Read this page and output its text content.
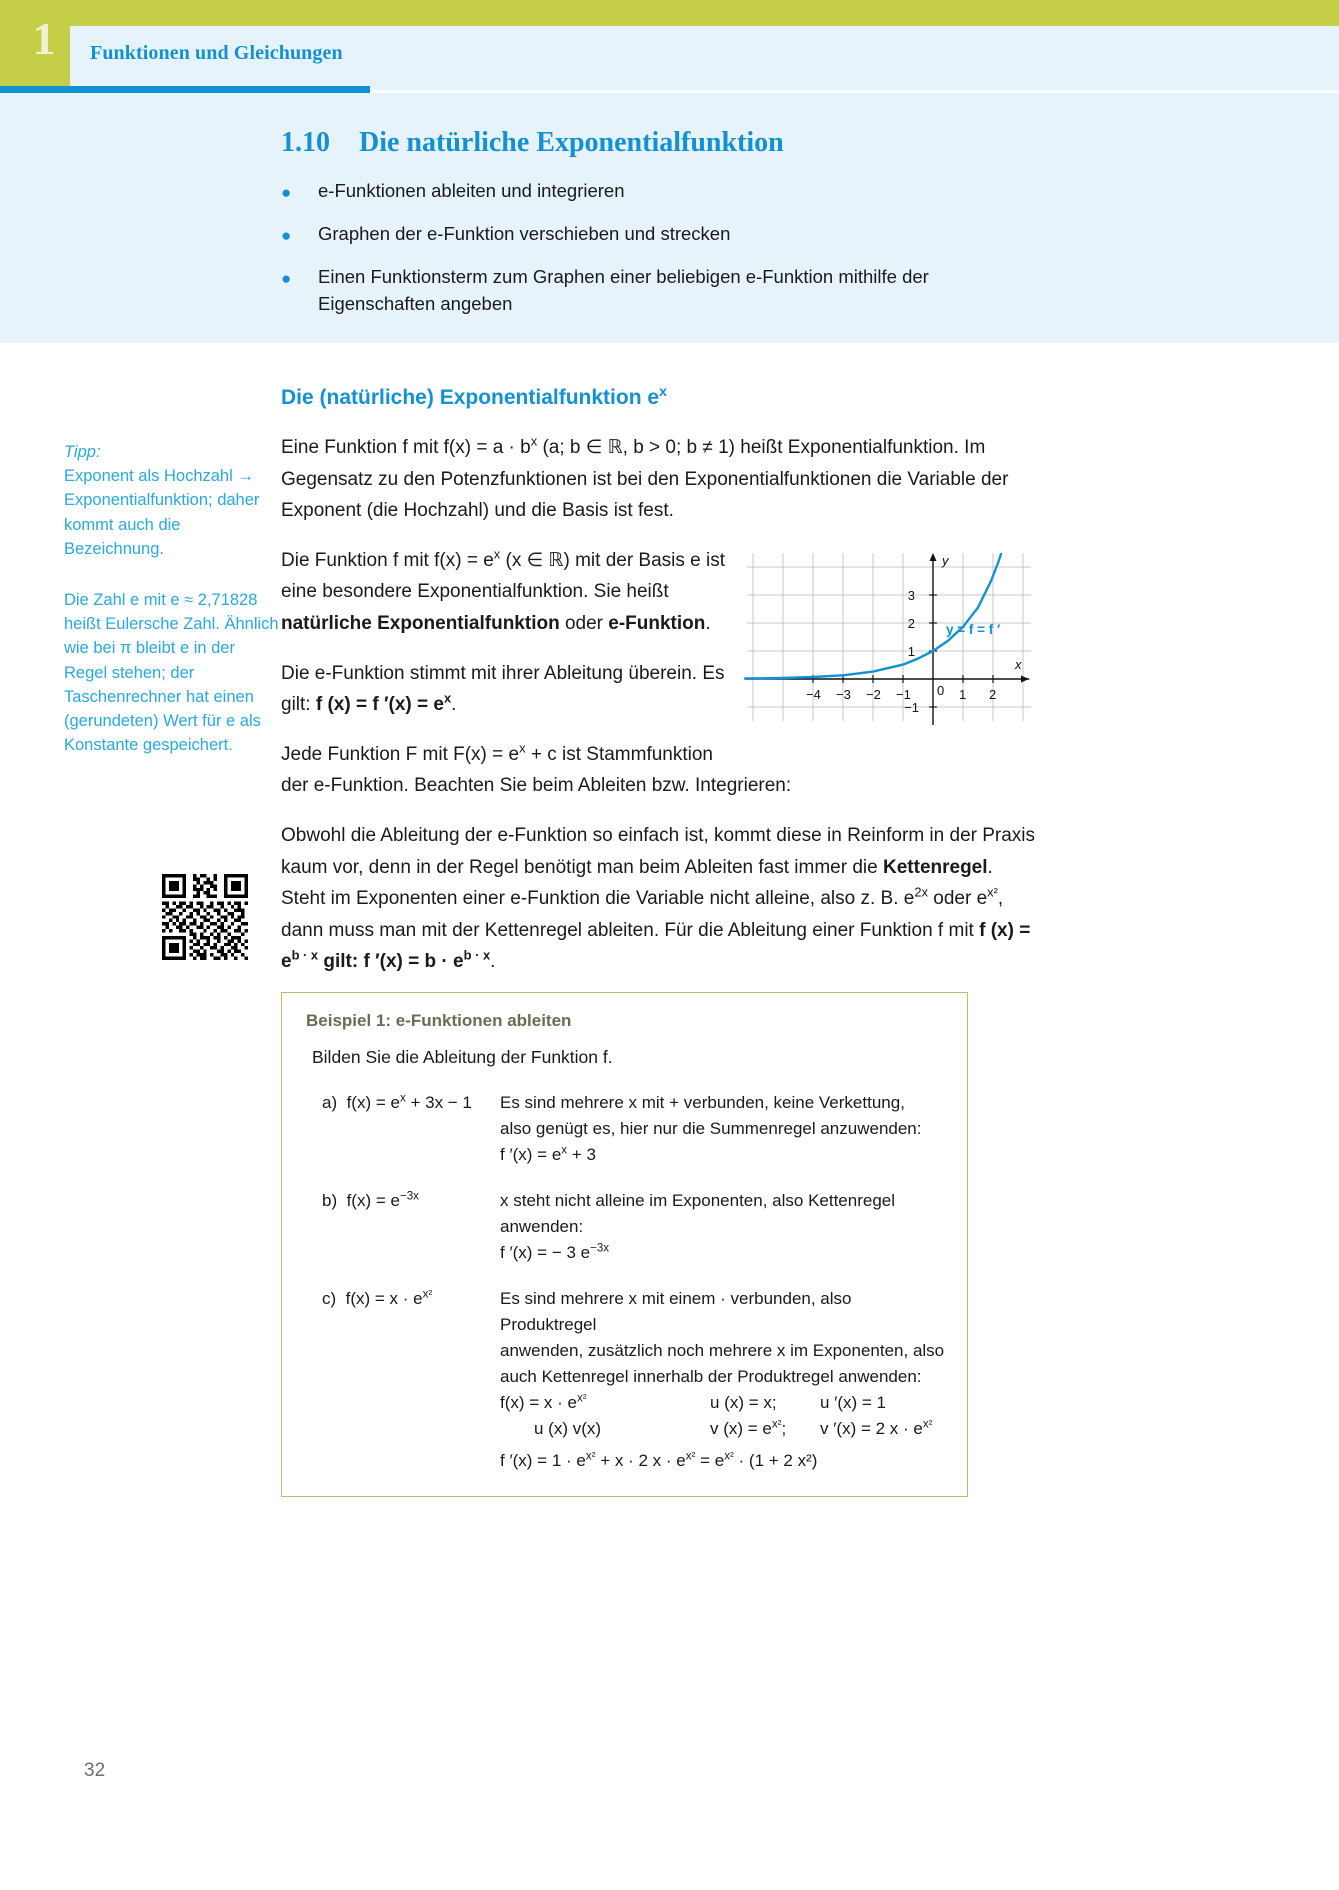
1	Funktionen und Gleichungen
1.10 Die natürliche Exponentialfunktion
● e-Funktionen ableiten und integrieren
● Graphen der e-Funktion verschieben und strecken
● Einen Funktionsterm zum Graphen einer beliebigen e-Funktion mithilfe der Eigenschaften angeben
Tipp:
Exponent als Hochzahl → Exponentialfunktion; daher kommt auch die Bezeichnung.
Die Zahl e mit e ≈ 2,71828 heißt Eulersche Zahl. Ähnlich wie bei π bleibt e in der Regel stehen; der Taschenrechner hat einen (gerundeten) Wert für e als Konstante gespeichert.
Die (natürliche) Exponentialfunktion $e^x$

Eine Funktion f mit $f(x) = a \cdot b^x$ (a; b ∈ ℝ, b > 0; b ≠ 1) heißt Exponentialfunktion. Im Gegensatz zu den Potenzfunktionen ist bei den Exponentialfunktionen die Variable der Exponent (die Hochzahl) und die Basis ist fest.

−4 −3 −2 −1	1 2
3
2
1
−1
0
y
x
y = f = f ′

Die Funktion f mit $f(x) = e^x$ (x ∈ ℝ) mit der Basis e ist eine besondere Exponentialfunktion. Sie heißt natürliche Exponentialfunktion oder e-Funktion.

Die e-Funktion stimmt mit ihrer Ableitung überein. Es gilt: f (x) = f $'(x) = e^x$.

Jede Funktion F mit $F(x) = e^x + c$ ist Stammfunktion der e-Funktion. Beachten Sie beim Ableiten bzw. Integrieren:

Obwohl die Ableitung der e-Funktion so einfach ist, kommt diese in Reinform in der Praxis kaum vor, denn in der Regel benötigt man beim Ableiten fast immer die Kettenregel. Steht im Exponenten einer e-Funktion die Variable nicht alleine, also z. B. $e^{2x}$ oder $e^{x^2}$, dann muss man mit der Kettenregel ableiten. Für die Ableitung einer Funktion f mit f $(x) = e^{b \cdot x}$ gilt: f $'(x) = b \cdot e^{b \cdot x}$.

Beispiel 1: e-Funktionen ableiten
Bilden Sie die Ableitung der Funktion f.
a) $f(x) = e^x + 3x - 1$	Es sind mehrere x mit + verbunden, keine Verkettung,
also genügt es, hier nur die Summenregel anzuwenden:
f $'(x) = e^x + 3$
b) $f(x) = e^{-3x}$	x steht nicht alleine im Exponenten, also Kettenregel
anwenden:
f ′(x) = − 3 $e^{-3x}$
c) $f(x) = x \cdot e^{x^2}$	Es sind mehrere x mit einem · verbunden, also Produktregel
anwenden, zusätzlich noch mehrere x im Exponenten, also
auch Kettenregel innerhalb der Produktregel anwenden:
$f(x) = x \cdot e^{x^2}$	u (x) = x;	u ′(x) = 1
u (x) v(x)	v $(x) = e^{x^2}$;	v ′(x) = 2 $x \cdot e^{x^2}$
f $'(x) = 1 \cdot e^{x^2} + x \cdot 2$ $x \cdot e^{x^2} = e^{x^2} \cdot (1 + 2$ x²)
32
